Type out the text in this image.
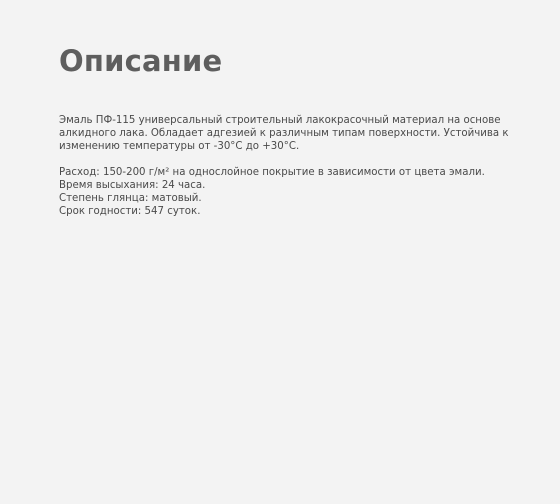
Описание

Эмаль ПФ-115 универсальный строительный лакокрасочный материал на основе

алкидного лака. Обладает адгезией к различным типам поверхности. Устойчива к

изменению температуры от -30°С до +30°С.

Расход: 150-200 г/м² на однослойное покрытие в зависимости от цвета эмали.

Время высыхания: 24 часа.

Степень глянца: матовый.

Срок годности: 547 суток.
